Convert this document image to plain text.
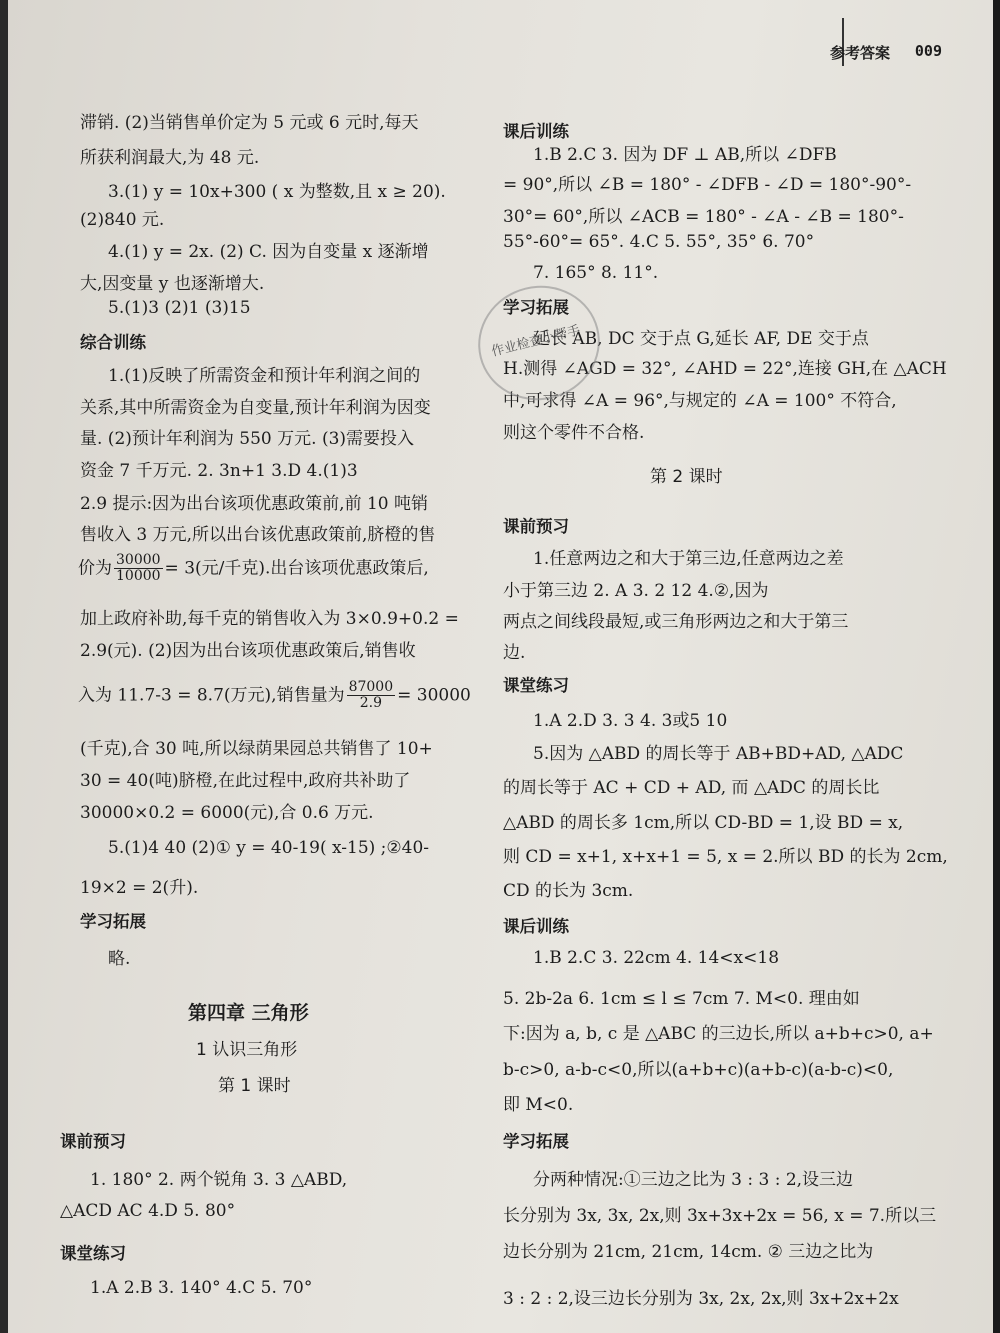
参考答案 009
滞销. (2)当销售单价定为 5 元或 6 元时,每天
所获利润最大,为 48 元.
3.(1) y = 10x+300 ( x 为整数,且 x ≥ 20).
(2)840 元.
4.(1) y = 2x. (2) C. 因为自变量 x 逐渐增
大,因变量 y 也逐渐增大.
5.(1)3 (2)1 (3)15
1.(1)反映了所需资金和预计年利润之间的
关系,其中所需资金为自变量,预计年利润为因变
量. (2)预计年利润为 550 万元. (3)需要投入
资金 7 千万元. 2. 3n+1 3.D 4.(1)3
2.9 提示:因为出台该项优惠政策前,前 10 吨销
售收入 3 万元,所以出台该优惠政策前,脐橙的售
加上政府补助,每千克的销售收入为 3×0.9+0.2 =
2.9(元). (2)因为出台该项优惠政策后,销售收
(千克),合 30 吨,所以绿荫果园总共销售了 10+
30 = 40(吨)脐橙,在此过程中,政府共补助了
30000×0.2 = 6000(元),合 0.6 万元.
5.(1)4 40 (2)① y = 40-19( x-15) ;②40-
19×2 = 2(升).
略.
综合训练
学习拓展
1.B 2.C 3. 因为 DF ⊥ AB,所以 ∠DFB
= 90°,所以 ∠B = 180° - ∠DFB - ∠D = 180°-90°-
30°= 60°,所以 ∠ACB = 180° - ∠A - ∠B = 180°-
55°-60°= 65°. 4.C 5. 55°, 35° 6. 70°
7. 165° 8. 11°.
延长 AB, DC 交于点 G,延长 AF, DE 交于点
H.测得 ∠AGD = 32°, ∠AHD = 22°,连接 GH,在 △ACH
中,可求得 ∠A = 96°,与规定的 ∠A = 100° 不符合,
则这个零件不合格.
1.任意两边之和大于第三边,任意两边之差
小于第三边 2. A 3. 2 12 4.②,因为
两点之间线段最短,或三角形两边之和大于第三
边.
1.A 2.D 3. 3 4. 3或5 10
5.因为 △ABD 的周长等于 AB+BD+AD, △ADC
的周长等于 AC + CD + AD, 而 △ADC 的周长比
△ABD 的周长多 1cm,所以 CD-BD = 1,设 BD = x,
则 CD = x+1, x+x+1 = 5, x = 2.所以 BD 的长为 2cm,
CD 的长为 3cm.
1.B 2.C 3. 22cm 4. 14<x<18
5. 2b-2a 6. 1cm ≤ l ≤ 7cm 7. M<0. 理由如
下:因为 a, b, c 是 △ABC 的三边长,所以 a+b+c>0, a+
b-c>0, a-b-c<0,所以(a+b+c)(a+b-c)(a-b-c)<0,
即 M<0.
分两种情况:①三边之比为 3 : 3 : 2,设三边
长分别为 3x, 3x, 2x,则 3x+3x+2x = 56, x = 7.所以三
边长分别为 21cm, 21cm, 14cm. ② 三边之比为
3 : 2 : 2,设三边长分别为 3x, 2x, 2x,则 3x+2x+2x
课后训练
学习拓展
课前预习
课堂练习
课后训练
学习拓展
价为 $\frac{30000}{10000} = 3$(元/千克).出台该项优惠政策后,
入为 11.7-3 = 8.7(万元),销售量为 $\frac{87000}{2.9} = 30000$
第四章 三角形
1 认识三角形
第 1 课时
课前预习
1. 180° 2. 两个锐角 3. 3 △ABD,
△ACD AC 4.D 5. 80°
课堂练习
1.A 2.B 3. 140° 4.C 5. 70°
第 2 课时
作业检查小帮手
